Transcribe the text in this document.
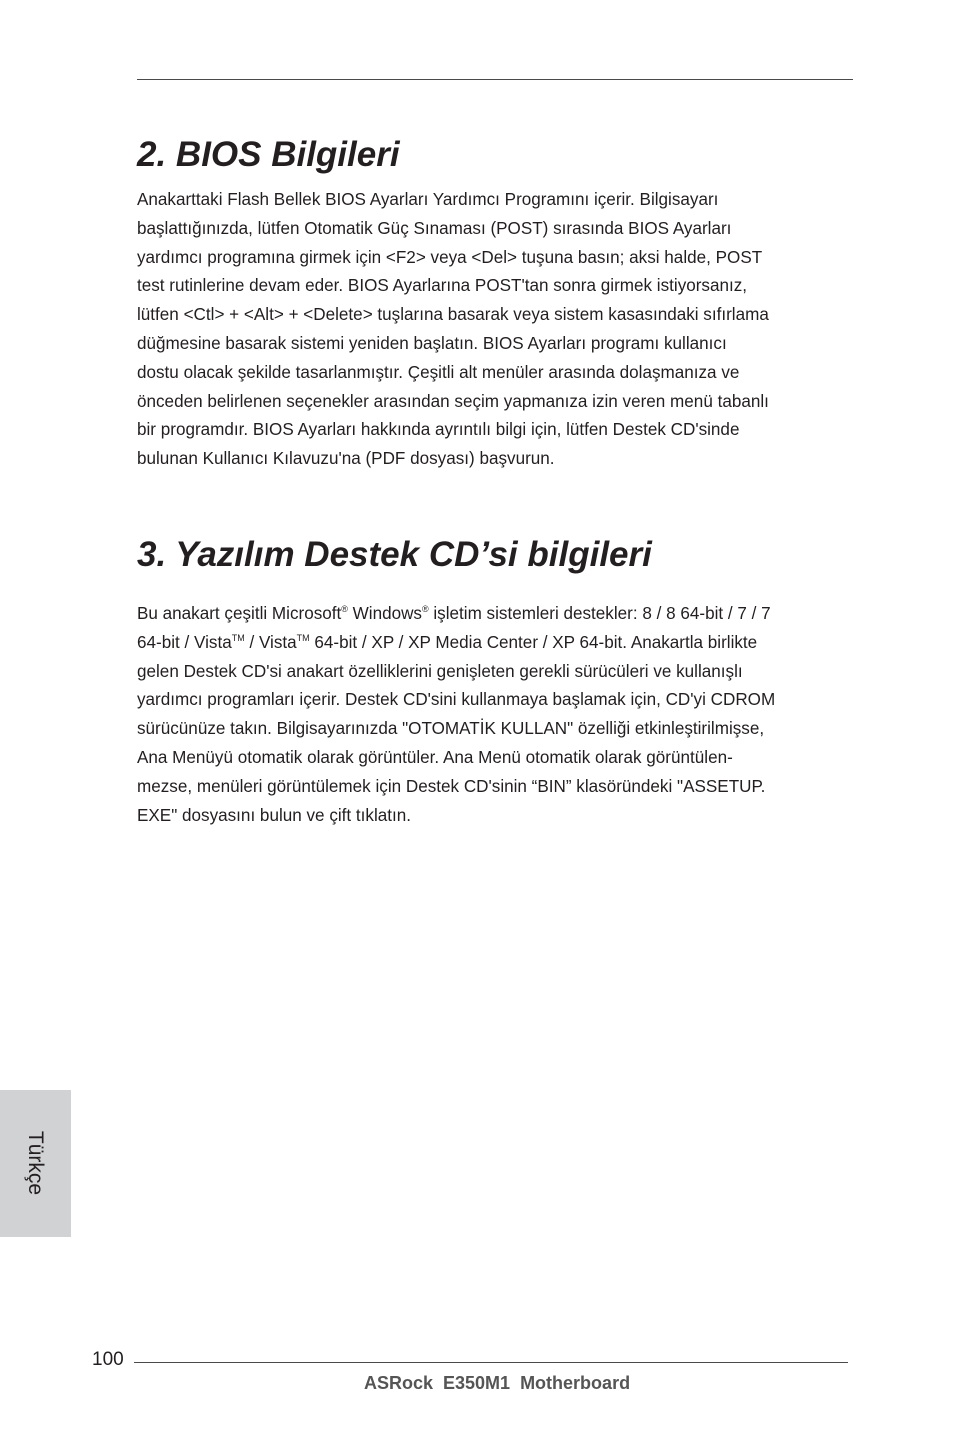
2. BIOS Bilgileri
Anakarttaki Flash Bellek BIOS Ayarları Yardımcı Programını içerir. Bilgisayarı
başlattığınızda, lütfen Otomatik Güç Sınaması (POST) sırasında BIOS Ayarları
yardımcı programına girmek için <F2> veya <Del> tuşuna basın; aksi halde, POST
test rutinlerine devam eder. BIOS Ayarlarına POST'tan sonra girmek istiyorsanız,
lütfen <Ctl> + <Alt> + <Delete> tuşlarına basarak veya sistem kasasındaki sıfırlama
düğmesine basarak sistemi yeniden başlatın. BIOS Ayarları programı kullanıcı
dostu olacak şekilde tasarlanmıştır. Çeşitli alt menüler arasında dolaşmanıza ve
önceden belirlenen seçenekler arasından seçim yapmanıza izin veren menü tabanlı
bir programdır. BIOS Ayarları hakkında ayrıntılı bilgi için, lütfen Destek CD'sinde
bulunan Kullanıcı Kılavuzu'na (PDF dosyası) başvurun.
3. Yazılım Destek CD’si bilgileri
Bu anakart çeşitli Microsoft® Windows® işletim sistemleri destekler: 8 / 8 64-bit / 7 / 7
64-bit / Vista™ / Vista™ 64-bit / XP / XP Media Center / XP 64-bit. Anakartla birlikte
gelen Destek CD'si anakart özelliklerini genişleten gerekli sürücüleri ve kullanışlı
yardımcı programları içerir. Destek CD'sini kullanmaya başlamak için, CD'yi CDROM
sürücünüze takın. Bilgisayarınızda "OTOMATİK KULLAN" özelliği etkinleştirilmişse,
Ana Menüyü otomatik olarak görüntüler. Ana Menü otomatik olarak görüntülen-
mezse, menüleri görüntülemek için Destek CD'sinin “BIN” klasöründeki "ASSETUP.
EXE" dosyasını bulun ve çift tıklatın.
Türkçe
100
ASRock  E350M1  Motherboard
